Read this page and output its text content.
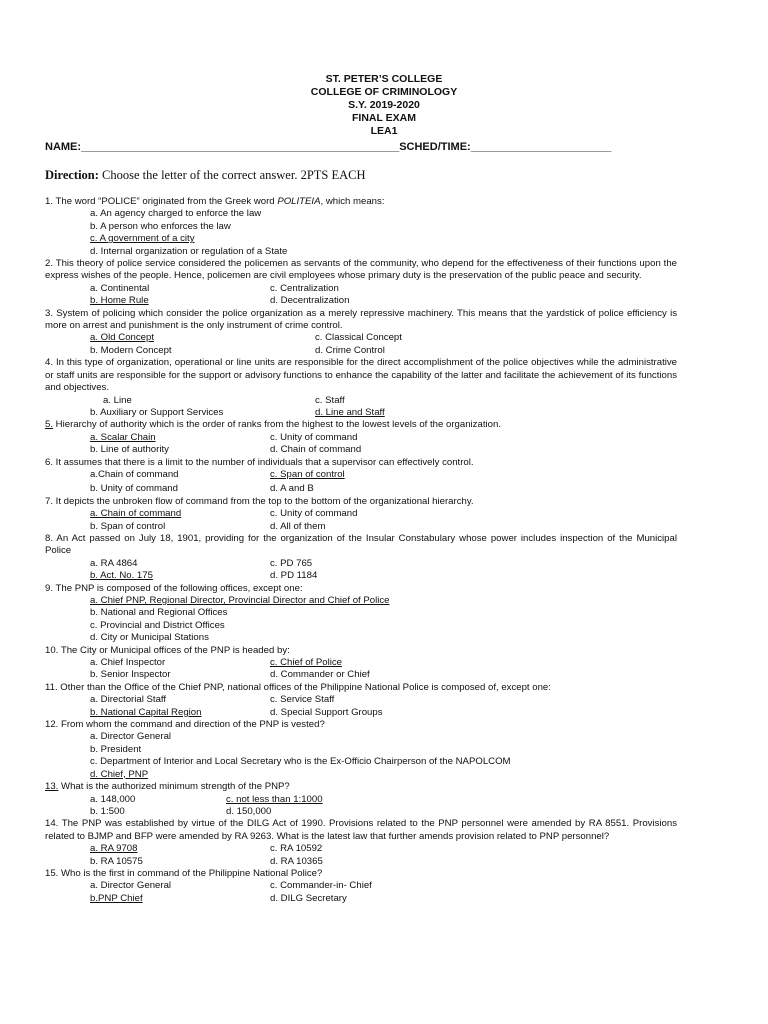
ST. PETER’S COLLEGE
COLLEGE OF CRIMINOLOGY
S.Y. 2019-2020
FINAL EXAM
LEA1
NAME:____________________________________________________SCHED/TIME:_______________________
Direction: Choose the letter of the correct answer. 2PTS EACH
1. The word “POLICE” originated from the Greek word POLITEIA, which means:
a. An agency charged to enforce the law
b. A person who enforces the law
c. A government of a city
d. Internal organization or regulation of a State
2. This theory of police service considered the policemen as servants of the community, who depend for the effectiveness of their functions upon the express wishes of the people. Hence, policemen are civil employees whose primary duty is the preservation of the public peace and security.
a. Continental	c. Centralization
b. Home Rule	d. Decentralization
3. System of policing which consider the police organization as a merely repressive machinery. This means that the yardstick of police efficiency is more on arrest and punishment is the only instrument of crime control.
a. Old Concept	c. Classical Concept
b. Modern Concept	d. Crime Control
4. In this type of organization, operational or line units are responsible for the direct accomplishment of the police objectives while the administrative or staff units are responsible for the support or advisory functions to enhance the capability of the latter and facilitate the achievement of its functions and objectives.
a. Line	c. Staff
b. Auxiliary or Support Services	d. Line and Staff
5. Hierarchy of authority which is the order of ranks from the highest to the lowest levels of the organization.
a. Scalar Chain	c. Unity of command
b. Line of authority	d. Chain of command
6. It assumes that there is a limit to the number of individuals that a supervisor can effectively control.
a.Chain of command	c. Span of control
b. Unity of command	d. A and B
7. It depicts the unbroken flow of command from the top to the bottom of the organizational hierarchy.
a. Chain of command	c. Unity of command
b. Span of control	d. All of them
8. An Act passed on July 18, 1901, providing for the organization of the Insular Constabulary whose power includes inspection of the Municipal Police
a. RA 4864	c. PD 765
b. Act. No. 175	d. PD 1184
9. The PNP is composed of the following offices, except one:
a. Chief PNP, Regional Director, Provincial Director and Chief of Police
b. National and Regional Offices
c. Provincial and District Offices
d. City or Municipal Stations
10. The City or Municipal offices of the PNP is headed by:
a. Chief Inspector	c. Chief of Police
b. Senior Inspector	d. Commander or Chief
11. Other than the Office of the Chief PNP, national offices of the Philippine National Police is composed of, except one:
a. Directorial Staff	c. Service Staff
b. National Capital Region	d. Special Support Groups
12. From whom the command and direction of the PNP is vested?
a. Director General
b. President
c. Department of Interior and Local Secretary who is the Ex-Officio Chairperson of the NAPOLCOM
d. Chief, PNP
13. What is the authorized minimum strength of the PNP?
a. 148,000	c. not less than 1:1000
b. 1:500	d. 150,000
14. The PNP was established by virtue of the DILG Act of 1990. Provisions related to the PNP personnel were amended by RA 8551. Provisions related to BJMP and BFP were amended by RA 9263. What is the latest law that further amends provision related to PNP personnel?
a. RA 9708	c. RA 10592
b. RA 10575	d. RA 10365
15. Who is the first in command of the Philippine National Police?
a. Director General	c. Commander-in- Chief
b.PNP Chief	d. DILG Secretary
